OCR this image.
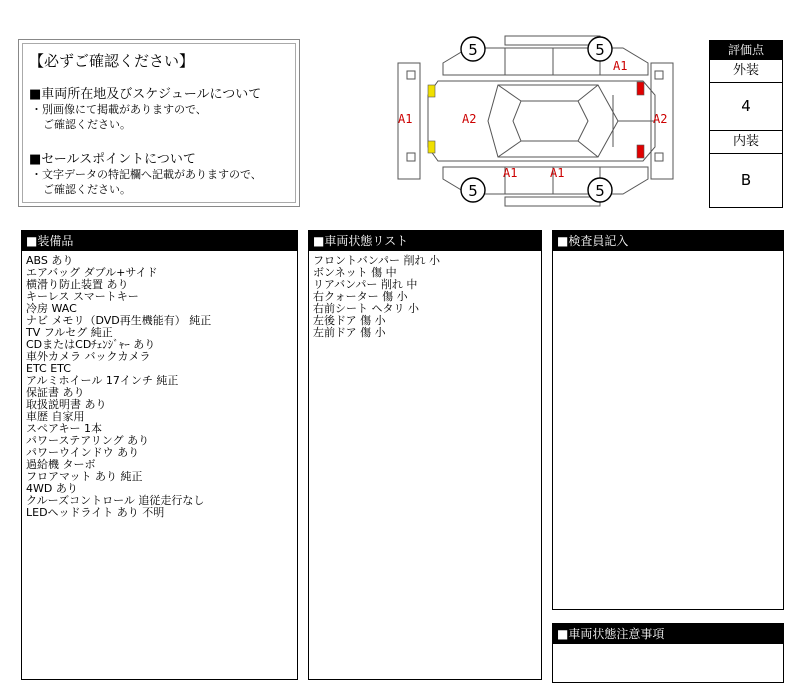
【必ずご確認ください】
■車両所在地及びスケジュールについて
・別画像にて掲載がありますので、
ご確認ください。
■セールスポイントについて
・文字データの特記欄へ記載がありますので、
ご確認ください。
5	5
5	5
A1
A1	A2	A2
A1	A1
評価点
外装
4
内装
B
■装備品
ABS あり
エアバッグ ダブル+サイド
横滑り防止装置 あり
キーレス スマートキー
冷房 WAC
ナビ メモリ（DVD再生機能有） 純正
TV フルセグ 純正
CDまたはCDﾁｪﾝｼﾞｬｰ あり
車外カメラ バックカメラ
ETC ETC
アルミホイール 17インチ 純正
保証書 あり
取扱説明書 あり
車歴 自家用
スペアキー 1本
パワーステアリング あり
パワーウインドウ あり
過給機 ターボ
フロアマット あり 純正
4WD あり
クルーズコントロール 追従走行なし
LEDヘッドライト あり 不明
■車両状態リスト
フロントバンパー 削れ 小
ボンネット 傷 中
リアバンパー 削れ 中
右クォーター 傷 小
右前シート ヘタリ 小
左後ドア 傷 小
左前ドア 傷 小
■検査員記入
■車両状態注意事項
